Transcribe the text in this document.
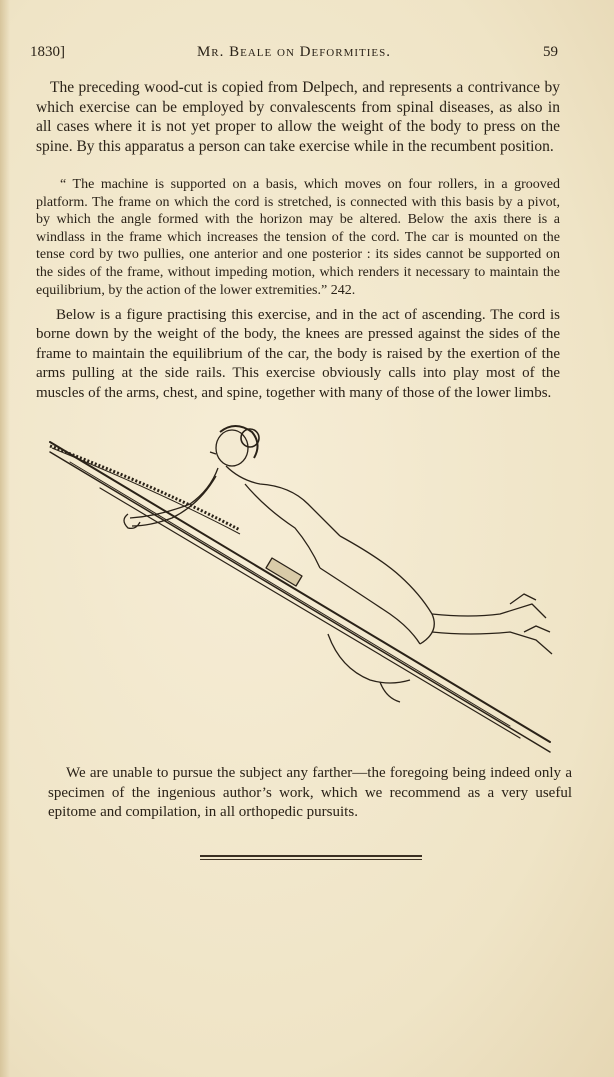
1830]	Mr. Beale on Deformities.	59

The preceding wood-cut is copied from Delpech, and represents a contrivance by which exercise can be employed by convalescents from spinal diseases, as also in all cases where it is not yet proper to allow the weight of the body to press on the spine. By this apparatus a person can take exercise while in the recumbent position.

“ The machine is supported on a basis, which moves on four rollers, in a grooved platform. The frame on which the cord is stretched, is connected with this basis by a pivot, by which the angle formed with the horizon may be altered. Below the axis there is a windlass in the frame which increases the tension of the cord. The car is mounted on the tense cord by two pullies, one anterior and one posterior : its sides cannot be supported on the sides of the frame, without impeding motion, which renders it necessary to maintain the equilibrium, by the action of the lower extremities.” 242.

Below is a figure practising this exercise, and in the act of ascending. The cord is borne down by the weight of the body, the knees are pressed against the sides of the frame to maintain the equilibrium of the car, the body is raised by the exertion of the arms pulling at the side rails. This exercise obviously calls into play most of the muscles of the arms, chest, and spine, together with many of those of the lower limbs.

We are unable to pursue the subject any farther—the foregoing being indeed only a specimen of the ingenious author’s work, which we recommend as a very useful epitome and compilation, in all orthopedic pursuits.
